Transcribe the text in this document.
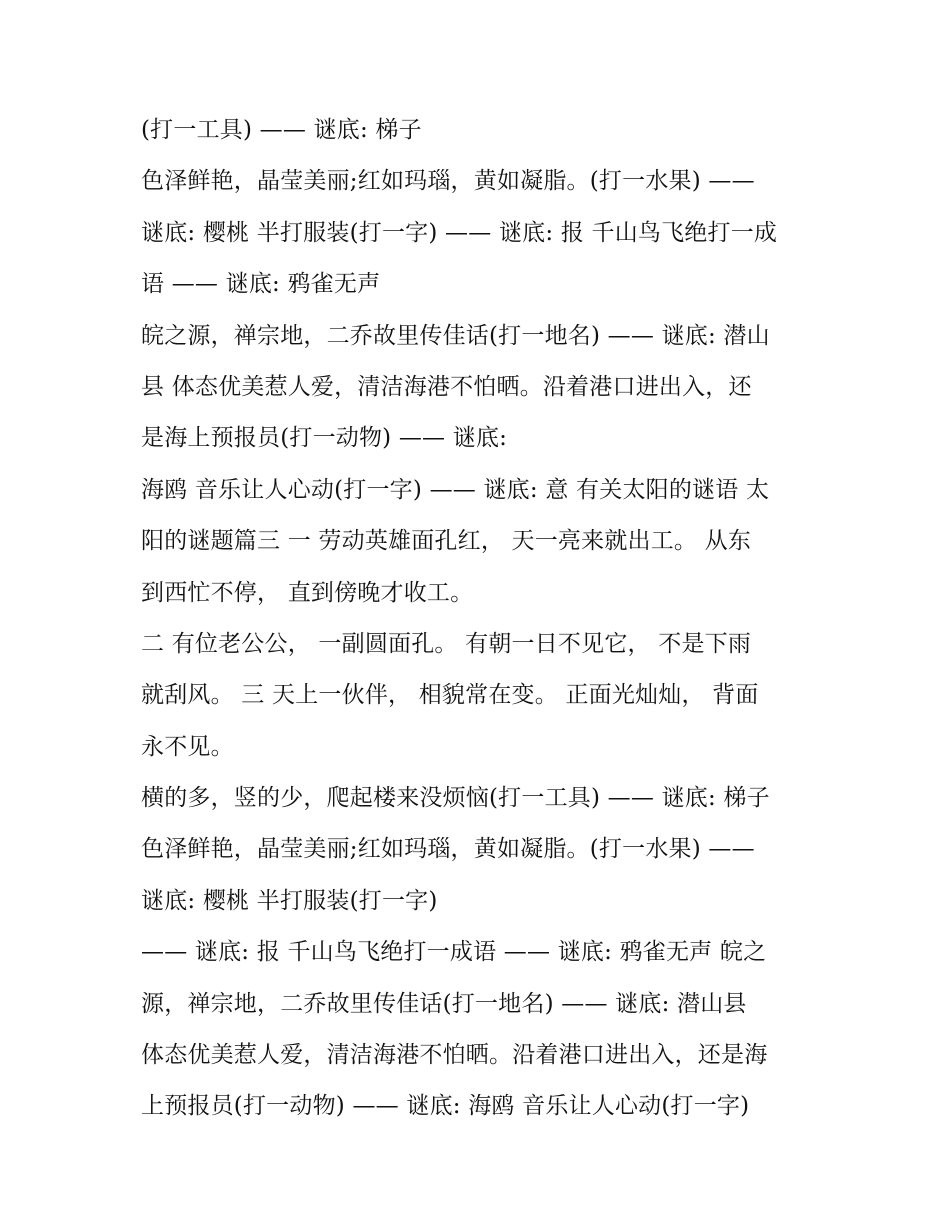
(打一工具) —— 谜底: 梯子
色泽鲜艳，晶莹美丽;红如玛瑙，黄如凝脂。(打一水果) ——
谜底: 樱桃 半打服装(打一字) —— 谜底: 报 千山鸟飞绝打一成
语 —— 谜底: 鸦雀无声
皖之源，禅宗地，二乔故里传佳话(打一地名) —— 谜底: 潜山
县 体态优美惹人爱，清洁海港不怕晒。沿着港口进出入，还
是海上预报员(打一动物) —— 谜底:
海鸥 音乐让人心动(打一字) —— 谜底: 意 有关太阳的谜语 太
阳的谜题篇三 一 劳动英雄面孔红， 天一亮来就出工。 从东
到西忙不停， 直到傍晚才收工。
二 有位老公公， 一副圆面孔。 有朝一日不见它， 不是下雨
就刮风。 三 天上一伙伴， 相貌常在变。 正面光灿灿， 背面
永不见。
横的多，竖的少，爬起楼来没烦恼(打一工具) —— 谜底: 梯子
色泽鲜艳，晶莹美丽;红如玛瑙，黄如凝脂。(打一水果) ——
谜底: 樱桃 半打服装(打一字)
—— 谜底: 报 千山鸟飞绝打一成语 —— 谜底: 鸦雀无声 皖之
源，禅宗地，二乔故里传佳话(打一地名) —— 谜底: 潜山县
体态优美惹人爱，清洁海港不怕晒。沿着港口进出入，还是海
上预报员(打一动物) —— 谜底: 海鸥 音乐让人心动(打一字)
